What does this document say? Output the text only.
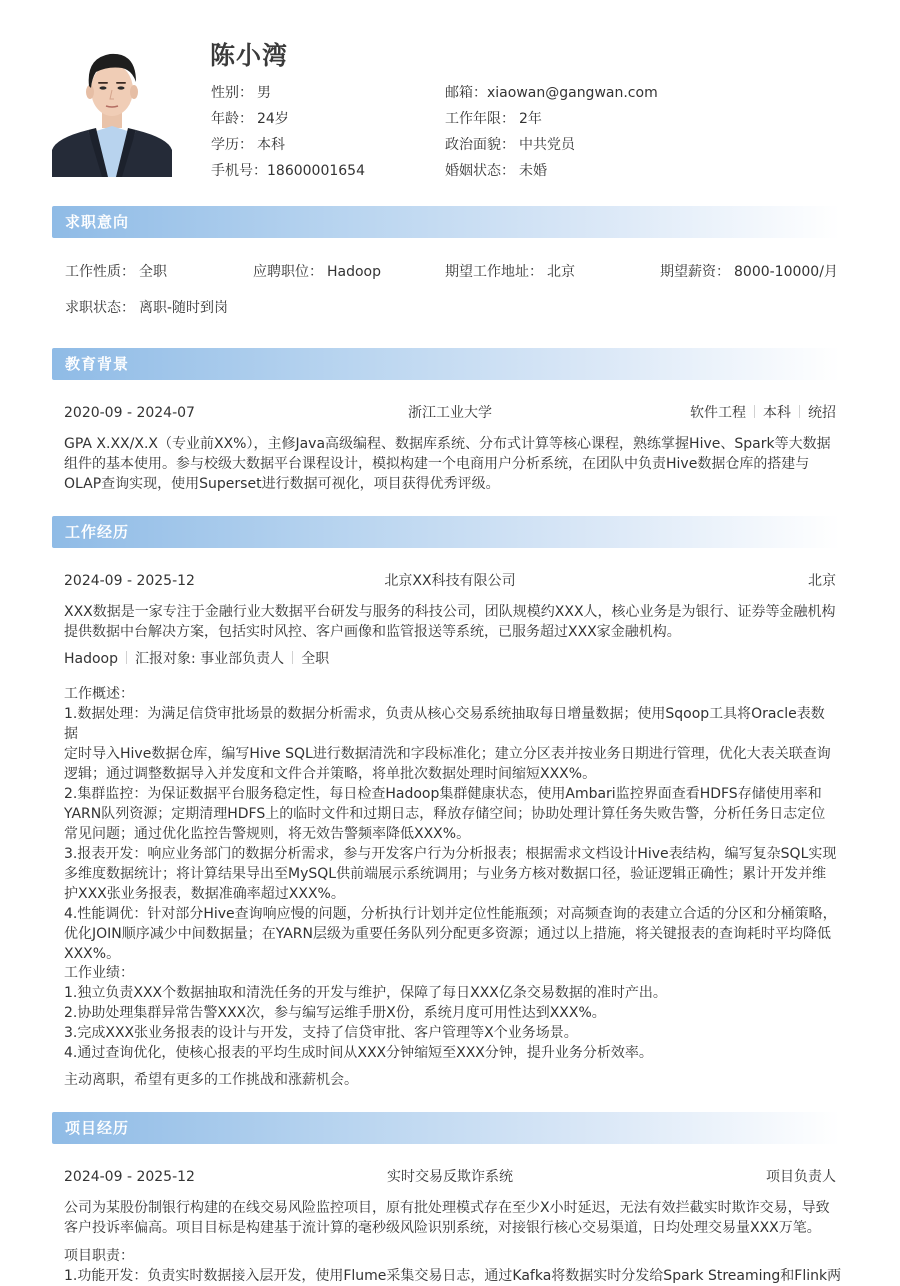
陈小湾
性别： 男
年龄： 24岁
学历： 本科
手机号：18600001654
邮箱：xiaowan@gangwan.com
工作年限： 2年
政治面貌： 中共党员
婚姻状态： 未婚
求职意向
工作性质： 全职	应聘职位： Hadoop	期望工作地址： 北京	期望薪资： 8000-10000/月
求职状态： 离职-随时到岗
教育背景
2020-09 - 2024-07	浙江工业大学	软件工程 本科 统招

GPA X.XX/X.X（专业前XX%），主修Java高级编程、数据库系统、分布式计算等核心课程，熟练掌握Hive、Spark等大数据

组件的基本使用。参与校级大数据平台课程设计，模拟构建一个电商用户分析系统，在团队中负责Hive数据仓库的搭建与

OLAP查询实现，使用Superset进行数据可视化，项目获得优秀评级。

工作经历
2024-09 - 2025-12	北京XX科技有限公司	北京

XXX数据是一家专注于金融行业大数据平台研发与服务的科技公司，团队规模约XXX人，核心业务是为银行、证券等金融机构

提供数据中台解决方案，包括实时风控、客户画像和监管报送等系统，已服务超过XXX家金融机构。

Hadoop 汇报对象: 事业部负责人 全职

工作概述：

1.数据处理：为满足信贷审批场景的数据分析需求，负责从核心交易系统抽取每日增量数据；使用Sqoop工具将Oracle表数据

定时导入Hive数据仓库，编写Hive SQL进行数据清洗和字段标准化；建立分区表并按业务日期进行管理，优化大表关联查询

逻辑；通过调整数据导入并发度和文件合并策略，将单批次数据处理时间缩短XXX%。

2.集群监控：为保证数据平台服务稳定性，每日检查Hadoop集群健康状态，使用Ambari监控界面查看HDFS存储使用率和

YARN队列资源；定期清理HDFS上的临时文件和过期日志，释放存储空间；协助处理计算任务失败告警，分析任务日志定位

常见问题；通过优化监控告警规则，将无效告警频率降低XXX%。

3.报表开发：响应业务部门的数据分析需求，参与开发客户行为分析报表；根据需求文档设计Hive表结构，编写复杂SQL实现

多维度数据统计；将计算结果导出至MySQL供前端展示系统调用；与业务方核对数据口径，验证逻辑正确性；累计开发并维

护XXX张业务报表，数据准确率超过XXX%。

4.性能调优：针对部分Hive查询响应慢的问题，分析执行计划并定位性能瓶颈；对高频查询的表建立合适的分区和分桶策略，

优化JOIN顺序减少中间数据量；在YARN层级为重要任务队列分配更多资源；通过以上措施，将关键报表的查询耗时平均降低

XXX%。

工作业绩：

1.独立负责XXX个数据抽取和清洗任务的开发与维护，保障了每日XXX亿条交易数据的准时产出。

2.协助处理集群异常告警XXX次，参与编写运维手册X份，系统月度可用性达到XXX%。

3.完成XXX张业务报表的设计与开发，支持了信贷审批、客户管理等X个业务场景。

4.通过查询优化，使核心报表的平均生成时间从XXX分钟缩短至XXX分钟，提升业务分析效率。

主动离职，希望有更多的工作挑战和涨薪机会。

项目经历
2024-09 - 2025-12	实时交易反欺诈系统	项目负责人

公司为某股份制银行构建的在线交易风险监控项目，原有批处理模式存在至少X小时延迟，无法有效拦截实时欺诈交易，导致

客户投诉率偏高。项目目标是构建基于流计算的毫秒级风险识别系统，对接银行核心交易渠道，日均处理交易量XXX万笔。

项目职责：

1.功能开发：负责实时数据接入层开发，使用Flume采集交易日志，通过Kafka将数据实时分发给Spark Streaming和Flink两
